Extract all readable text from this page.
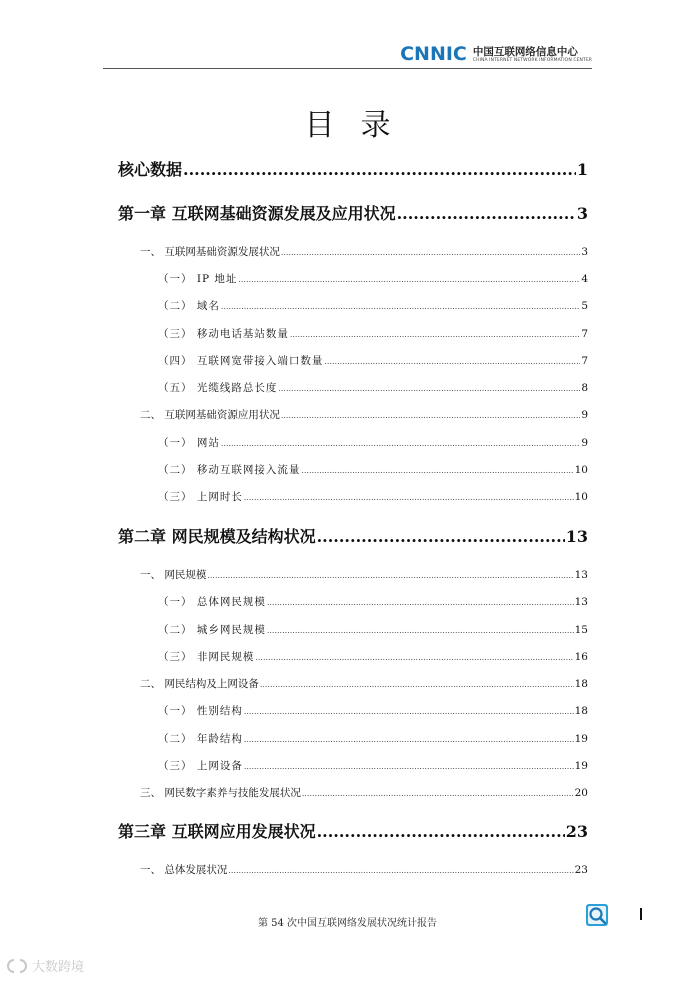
CNNIC 中国互联网络信息中心
CHINA INTERNET NETWORK INFORMATION CENTER
目录
核心数据 .....	1
第一章 互联网基础资源发展及应用状况 .....	3
一、 互联网基础资源发展状况 .....	3
（一） IP 地址 .....	4
（二） 域名 .....	5
（三） 移动电话基站数量 .....	7
（四） 互联网宽带接入端口数量 .....	7
（五） 光缆线路总长度 .....	8
二、 互联网基础资源应用状况 .....	9
（一） 网站 .....	9
（二） 移动互联网接入流量 .....	10
（三） 上网时长 .....	10
第二章 网民规模及结构状况 .....	13
一、 网民规模 .....	13
（一） 总体网民规模 .....	13
（二） 城乡网民规模 .....	15
（三） 非网民规模 .....	16
二、 网民结构及上网设备 .....	18
（一） 性别结构 .....	18
（二） 年龄结构 .....	19
（三） 上网设备 .....	19
三、 网民数字素养与技能发展状况 .....	20
第三章 互联网应用发展状况 .....	23
一、 总体发展状况 .....	23
第 54 次中国互联网络发展状况统计报告
大数跨境
